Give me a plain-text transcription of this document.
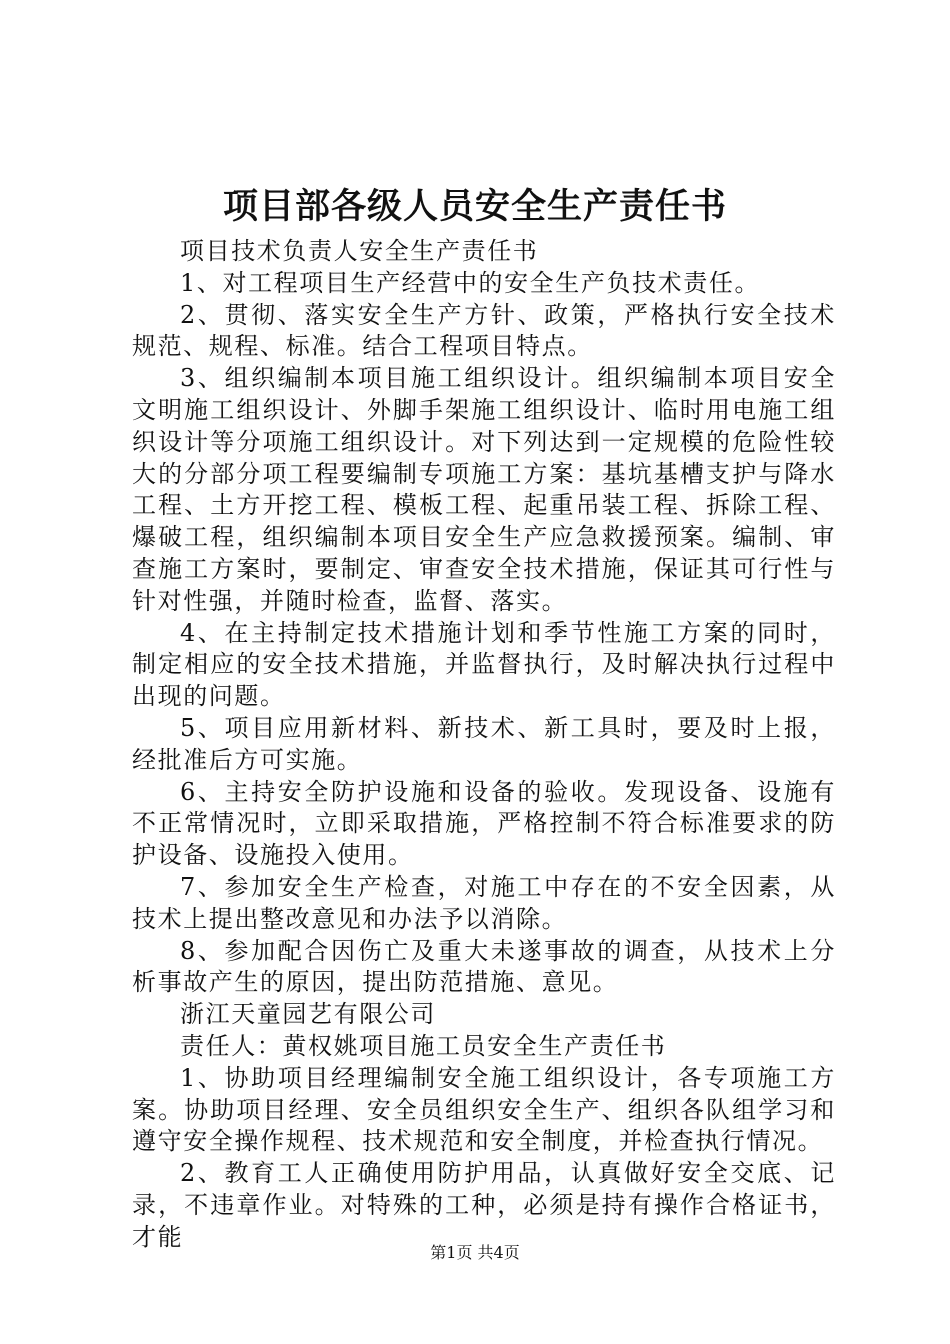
项目部各级人员安全生产责任书

项目技术负责人安全生产责任书

1、对工程项目生产经营中的安全生产负技术责任。

2、贯彻、落实安全生产方针、政策，严格执行安全技术规范、规程、标准。结合工程项目特点。

3、组织编制本项目施工组织设计。组织编制本项目安全文明施工组织设计、外脚手架施工组织设计、临时用电施工组织设计等分项施工组织设计。对下列达到一定规模的危险性较大的分部分项工程要编制专项施工方案：基坑基槽支护与降水工程、土方开挖工程、模板工程、起重吊装工程、拆除工程、爆破工程，组织编制本项目安全生产应急救援预案。编制、审查施工方案时，要制定、审查安全技术措施，保证其可行性与针对性强，并随时检查，监督、落实。

4、在主持制定技术措施计划和季节性施工方案的同时，制定相应的安全技术措施，并监督执行，及时解决执行过程中出现的问题。

5、项目应用新材料、新技术、新工具时，要及时上报，经批准后方可实施。

6、主持安全防护设施和设备的验收。发现设备、设施有不正常情况时，立即采取措施，严格控制不符合标准要求的防护设备、设施投入使用。

7、参加安全生产检查，对施工中存在的不安全因素，从技术上提出整改意见和办法予以消除。

8、参加配合因伤亡及重大未遂事故的调查，从技术上分析事故产生的原因，提出防范措施、意见。

浙江天童园艺有限公司

责任人：黄权姚项目施工员安全生产责任书

1、协助项目经理编制安全施工组织设计，各专项施工方案。协助项目经理、安全员组织安全生产、组织各队组学习和遵守安全操作规程、技术规范和安全制度，并检查执行情况。

2、教育工人正确使用防护用品，认真做好安全交底、记录，不违章作业。对特殊的工种，必须是持有操作合格证书，才能

第1页 共4页
